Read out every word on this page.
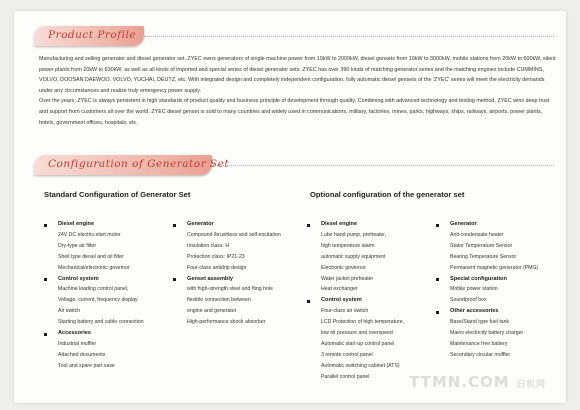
Product Profile

Manufacturing and selling generator and diesel generator set, ZYEC owns generators of single-machine power from 10kW to 2000kW, diesel gensets from 10kW to 3000kW, mobile stations from 20kW to 600kW, silent power plants from 20kW to 630kW, as well as all kinds of imported and special series of diesel generator sets. ZYEC has over 390 kinds of matching generator series and the matching engines include CUMMINS, VOLVO, DOOSAN DAEWOO, VOLVO, YUCHAI, DEUTZ, etc. With integrated design and completely independent configuration, fully automatic diesel gensets of the 'ZYEC' series will meet the electricity demands under any circumstances and realize truly emergency power supply.

Over the years, ZYEC is always persistent in high standards of product quality and business principle of development through quality. Combining with advanced technology and testing method, ZYEC wins deep trust and support from customers all over the world. ZYEC diesel genset is sold to many countries and widely used in communications, military, factories, mines, parks, highways, ships, railways, airports, power plants, hotels, government offices, hospitals, etc.

Configuration of Generator Set
Standard Configuration of Generator Set	Optional configuration of the generator set
Diesel engine
24V DC electric-start motor
Dry-type air filter
Shell type diesel and oil filter
Mechanical/electronic governor
Control system
Machine loading control panel,
Voltage, current, frequency display
Air switch
Starting battery and cable connection
Accessories
Industrial muffler
Attached documents
Tool and spare part case
Generator
Compound /brushless and self-excitation
Insulation class: H
Protection class: IP21-23
Four-class antidrip design
Genset assembly
with high-strength steel and fting hole
flexible connection between
engine and generator
High-performance shock absorber
Diesel engine
Lube hand pump, preheater,
high temperature alarm
automatic supply equipment
Electronic governor
Water jacket preheater
Heat exchanger
Control system
Four-class air switch
LCD Protection of high temperature,
low oil pressure and overspeed
Automatic start-up control panel
3 remote control panel
Automatic switching cabinet (ATS)
Parallel control panel
Generator
Anti-condensate heater
Stator Temperature Sensor
Bearing Temperature Sensor
Permanent magnetic generator (PMG)
Special configuration
Mobile power station
Soundproof box
Other accessories
Base/Stand type fuel tank
Mains electricity battery charger
Maintenance free battery
Secondary circular muffler
TTMN.COM 旧机网
